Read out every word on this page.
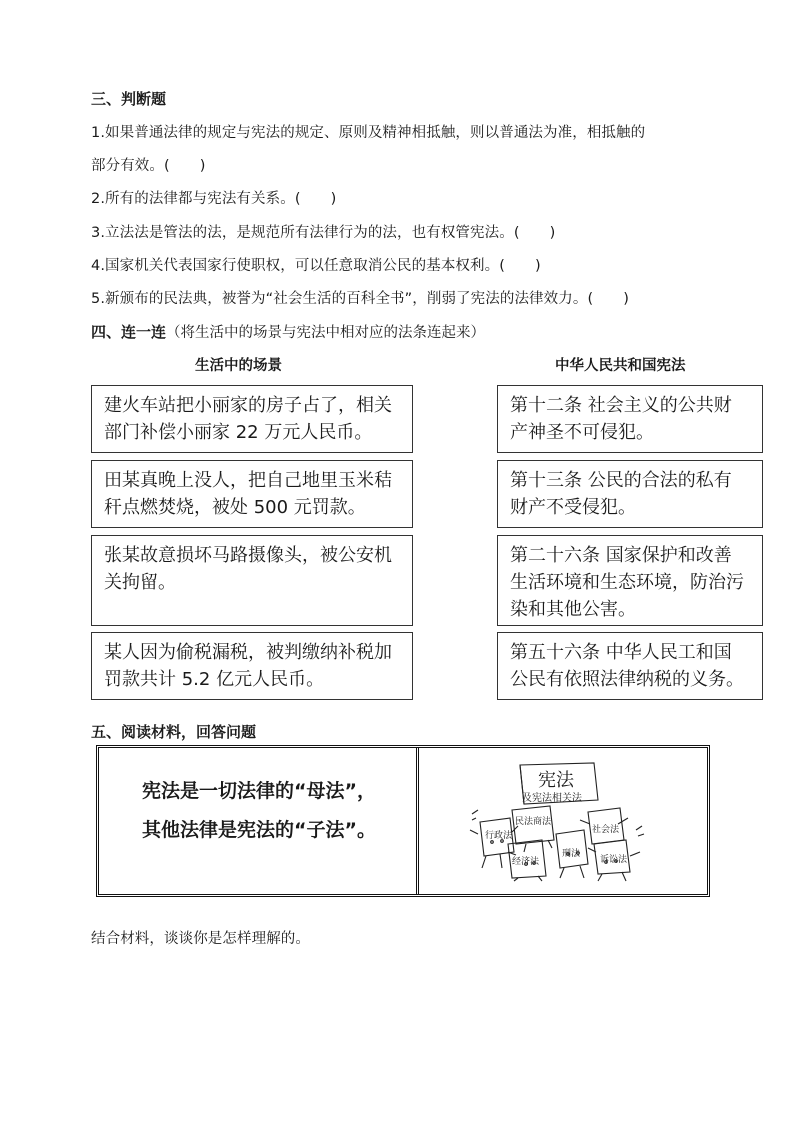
三、判断题
1.如果普通法律的规定与宪法的规定、原则及精神相抵触，则以普通法为准，相抵触的
部分有效。( )
2.所有的法律都与宪法有关系。( )
3.立法法是管法的法，是规范所有法律行为的法，也有权管宪法。( )
4.国家机关代表国家行使职权，可以任意取消公民的基本权利。( )
5.新颁布的民法典，被誉为“社会生活的百科全书”，削弱了宪法的法律效力。( )
四、连一连（将生活中的场景与宪法中相对应的法条连起来）
生活中的场景	中华人民共和国宪法
建火车站把小丽家的房子占了，相关
部门补偿小丽家 22 万元人民币。
田某真晚上没人，把自己地里玉米秸
秆点燃焚烧，被处 500 元罚款。
张某故意损坏马路摄像头，被公安机
关拘留。
某人因为偷税漏税，被判缴纳补税加
罚款共计 5.2 亿元人民币。
第十二条 社会主义的公共财
产神圣不可侵犯。
第十三条 公民的合法的私有
财产不受侵犯。
第二十六条 国家保护和改善
生活环境和生态环境，防治污
染和其他公害。
第五十六条 中华人民工和国
公民有依照法律纳税的义务。
五、阅读材料，回答问题
宪法是一切法律的“母法”，
其他法律是宪法的“子法”。
宪法
及宪法相关法
行政法
民法商法
经济法
刑法
社会法
诉讼法
结合材料，谈谈你是怎样理解的。
